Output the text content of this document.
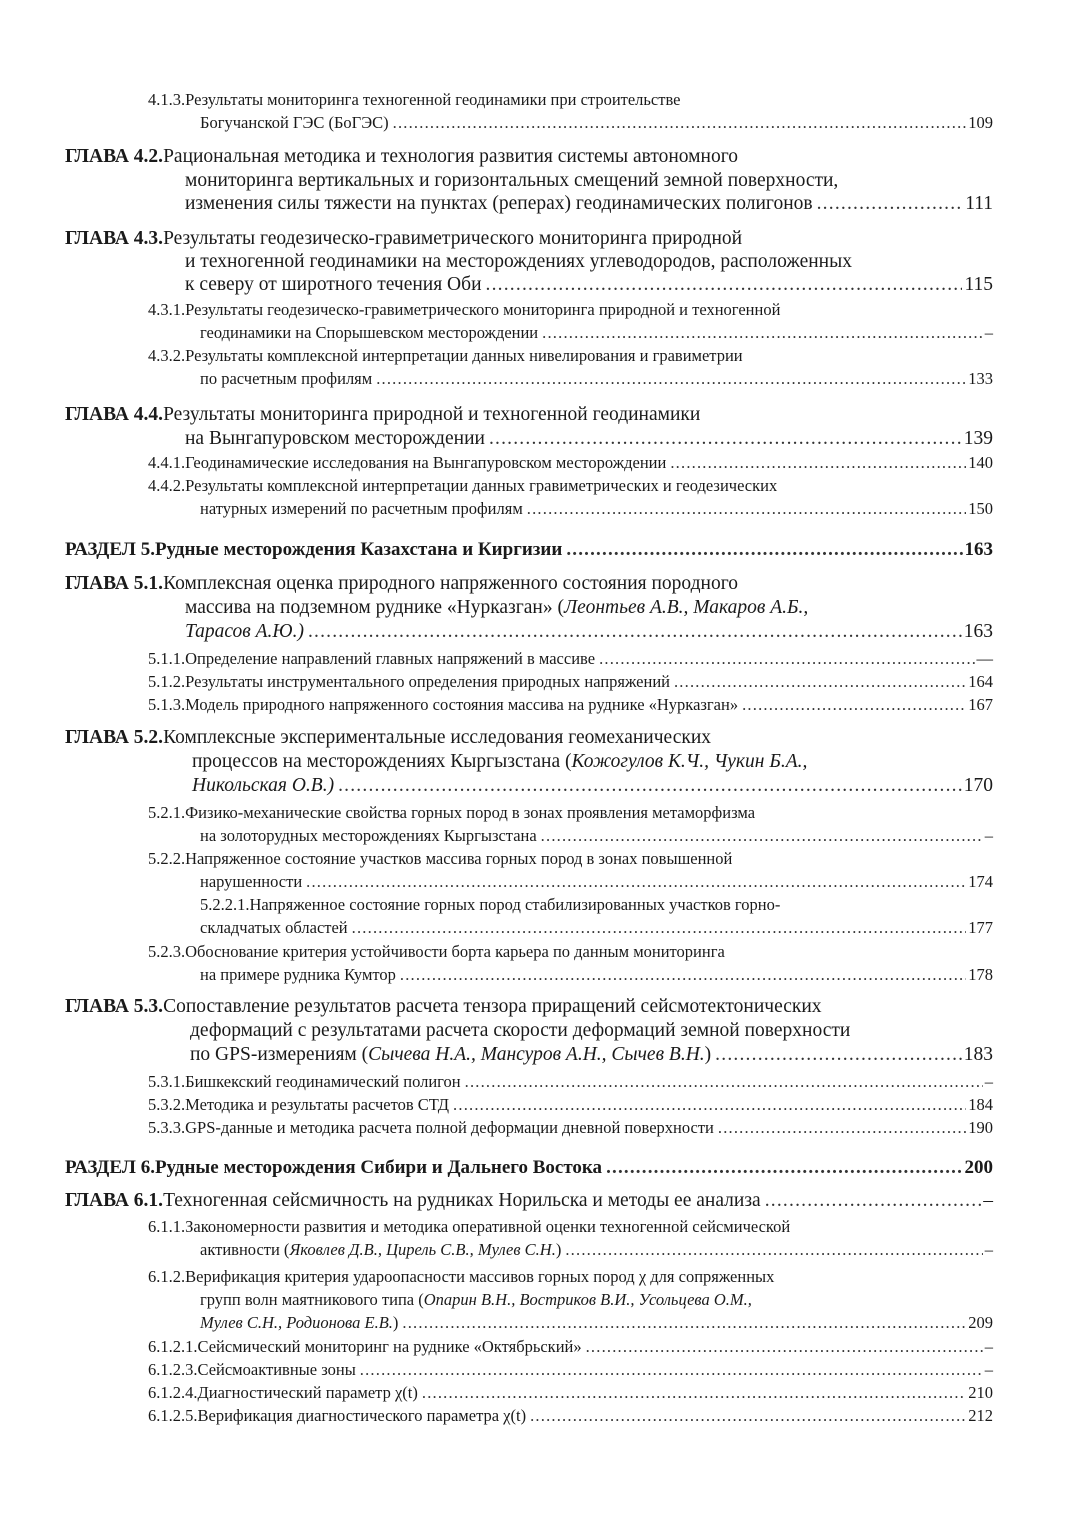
4.1.3. Результаты мониторинга техногенной геодинамики при строительстве
Богучанской ГЭС (БоГЭС) .....	109
ГЛАВА 4.2. Рациональная методика и технология развития системы автономного
мониторинга вертикальных и горизонтальных смещений земной поверхности,
изменения силы тяжести на пунктах (реперах) геодинамических полигонов .....	111
ГЛАВА 4.3. Результаты геодезическо-гравиметрического мониторинга природной
и техногенной геодинамики на месторождениях углеводородов, расположенных
к северу от широтного течения Оби .....	115
4.3.1. Результаты геодезическо-гравиметрического мониторинга природной и техногенной
геодинамики на Спорышевском месторождении .....	–
4.3.2. Результаты комплексной интерпретации данных нивелирования и гравиметрии
по расчетным профилям .....	133
ГЛАВА 4.4. Результаты мониторинга природной и техногенной геодинамики
на Вынгапуровском месторождении .....	139
4.4.1. Геодинамические исследования на Вынгапуровском месторождении .....	140
4.4.2. Результаты комплексной интерпретации данных гравиметрических и геодезических
натурных измерений по расчетным профилям .....	150
РАЗДЕЛ 5. Рудные месторождения Казахстана и Киргизии .....	163
ГЛАВА 5.1. Комплексная оценка природного напряженного состояния породного
массива на подземном руднике «Нурказган» ( Леонтьев А.В., Макаров А.Б.,
Тарасов А.Ю.) .....	163
5.1.1. Определение направлений главных напряжений в массиве .....	—
5.1.2. Результаты инструментального определения природных напряжений .....	164
5.1.3. Модель природного напряженного состояния массива на руднике «Нурказган» .....	167
ГЛАВА 5.2. Комплексные экспериментальные исследования геомеханических
процессов на месторождениях Кыргызстана ( Кожогулов К.Ч., Чукин Б.А.,
Никольская О.В.) .....	170
5.2.1. Физико-механические свойства горных пород в зонах проявления метаморфизма
на золоторудных месторождениях Кыргызстана .....	–
5.2.2. Напряженное состояние участков массива горных пород в зонах повышенной
нарушенности .....	174
5.2.2.1. Напряженное состояние горных пород стабилизированных участков горно-
складчатых областей .....	177
5.2.3. Обоснование критерия устойчивости борта карьера по данным мониторинга
на примере рудника Кумтор .....	178
ГЛАВА 5.3. Сопоставление результатов расчета тензора приращений сейсмотектонических
деформаций с результатами расчета скорости деформаций земной поверхности
по GPS-измерениям ( Сычева Н.А., Мансуров А.Н., Сычев В.Н. ) .....	183
5.3.1. Бишкекский геодинамический полигон .....	–
5.3.2. Методика и результаты расчетов СТД .....	184
5.3.3. GPS-данные и методика расчета полной деформации дневной поверхности .....	190
РАЗДЕЛ 6. Рудные месторождения Сибири и Дальнего Востока .....	200
ГЛАВА 6.1. Техногенная сейсмичность на рудниках Норильска и методы ее анализа .....	–
6.1.1. Закономерности развития и методика оперативной оценки техногенной сейсмической
активности ( Яковлев Д.В., Цирель С.В., Мулев С.Н. ) .....	–
6.1.2. Верификация критерия удароопасности массивов горных пород χ для сопряженных
групп волн маятникового типа ( Опарин В.Н., Востриков В.И., Усольцева О.М.,
Мулев С.Н., Родионова Е.В. ) .....	209
6.1.2.1. Сейсмический мониторинг на руднике «Октябрьский» .....	–
6.1.2.3. Сейсмоактивные зоны .....	–
6.1.2.4. Диагностический параметр χ(t) .....	210
6.1.2.5. Верификация диагностического параметра χ(t) .....	212
